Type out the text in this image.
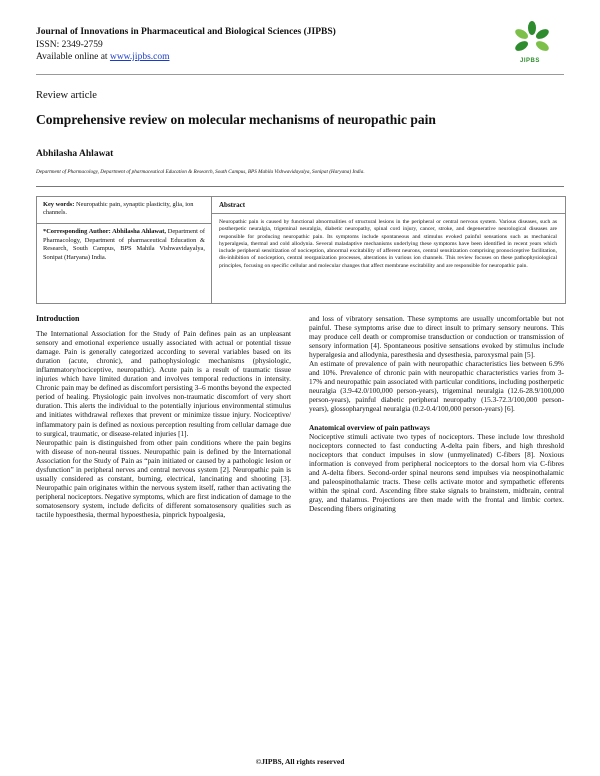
Journal of Innovations in Pharmaceutical and Biological Sciences (JIPBS)
ISSN: 2349-2759
Available online at www.jipbs.com	JIPBS
Review article
Comprehensive review on molecular mechanisms of neuropathic pain
Abhilasha Ahlawat
Department of Pharmacology, Department of pharmaceutical Education & Research, South Campus, BPS Mahila Vishwavidayalya, Sonipat (Haryana) India.
Key words: Neuropathic pain, synaptic plasticity, glia, ion channels.
*Corresponding Author: Abhilasha Ahlawat, Department of Pharmacology, Department of pharmaceutical Education & Research, South Campus, BPS Mahila Vishwavidayalya, Sonipat (Haryana) India.
Abstract
Neuropathic pain is caused by functional abnormalities of structural lesions in the peripheral or central nervous system. Various diseases, such as postherpetic neuralgia, trigeminal neuralgia, diabetic neuropathy, spinal cord injury, cancer, stroke, and degenerative neurological diseases are responsible for producing neuropathic pain. Its symptoms include spontaneous and stimulus evoked painful sensations such as mechanical hyperalgesia, thermal and cold allodynia. Several maladaptive mechanisms underlying these symptoms have been identified in recent years which include peripheral sensitization of nociception, abnormal excitability of afferent neurons, central sensitization comprising pronociceptive facilitation, dis-inhibition of nociception, central reorganization processes, alterations in various ion channels. This review focuses on these pathophysiological principles, focusing on specific cellular and molecular changes that affect membrane excitability and are responsible for neuropathic pain.
Introduction

The International Association for the Study of Pain defines pain as an unpleasant sensory and emotional experience usually associated with actual or potential tissue damage. Pain is generally categorized according to several variables based on its duration (acute, chronic), and pathophysiologic mechanisms (physiologic, inflammatory/nociceptive, neuropathic). Acute pain is a result of traumatic tissue injuries which have limited duration and involves temporal reductions in intensity. Chronic pain may be defined as discomfort persisting 3–6 months beyond the expected period of healing. Physiologic pain involves non-traumatic discomfort of very short duration. This alerts the individual to the potentially injurious environmental stimulus and initiates withdrawal reflexes that prevent or minimize tissue injury. Nociceptive/ inflammatory pain is defined as noxious perception resulting from cellular damage due to surgical, traumatic, or disease-related injuries [1].

Neuropathic pain is distinguished from other pain conditions where the pain begins with disease of non-neural tissues. Neuropathic pain is defined by the International Association for the Study of Pain as “pain initiated or caused by a pathologic lesion or dysfunction” in peripheral nerves and central nervous system [2]. Neuropathic pain is usually considered as constant, burning, electrical, lancinating and shooting [3]. Neuropathic pain originates within the nervous system itself, rather than activating the peripheral nociceptors. Negative symptoms, which are first indication of damage to the somatosensory system, include deficits of different somatosensory qualities such as tactile hypoesthesia, thermal hypoesthesia, pinprick hypoalgesia,

and loss of vibratory sensation. These symptoms are usually uncomfortable but not painful. These symptoms arise due to direct insult to primary sensory neurons. This may produce cell death or compromise transduction or conduction or transmission of sensory information [4]. Spontaneous positive sensations evoked by stimulus include hyperalgesia and allodynia, paresthesia and dysesthesia, paroxysmal pain [5].

An estimate of prevalence of pain with neuropathic characteristics lies between 6.9% and 10%. Prevalence of chronic pain with neuropathic characteristics varies from 3-17% and neuropathic pain associated with particular conditions, including postherpetic neuralgia (3.9-42.0/100,000 person-years), trigeminal neuralgia (12.6-28.9/100,000 person-years), painful diabetic peripheral neuropathy (15.3-72.3/100,000 person-years), glossopharyngeal neuralgia (0.2-0.4/100,000 person-years) [6].

Anatomical overview of pain pathways

Nociceptive stimuli activate two types of nociceptors. These include low threshold nociceptors connected to fast conducting A-delta pain fibers, and high threshold nociceptors that conduct impulses in slow (unmyelinated) C-fibers [8]. Noxious information is conveyed from peripheral nociceptors to the dorsal horn via C-fibres and A-delta fibers. Second-order spinal neurons send impulses via neospinothalamic and paleospinothalamic tracts. These cells activate motor and sympathetic efferents within the spinal cord. Ascending fibre stake signals to brainstem, midbrain, central gray, and thalamus. Projections are then made with the frontal and limbic cortex. Descending fibers originating

©JIPBS, All rights reserved
